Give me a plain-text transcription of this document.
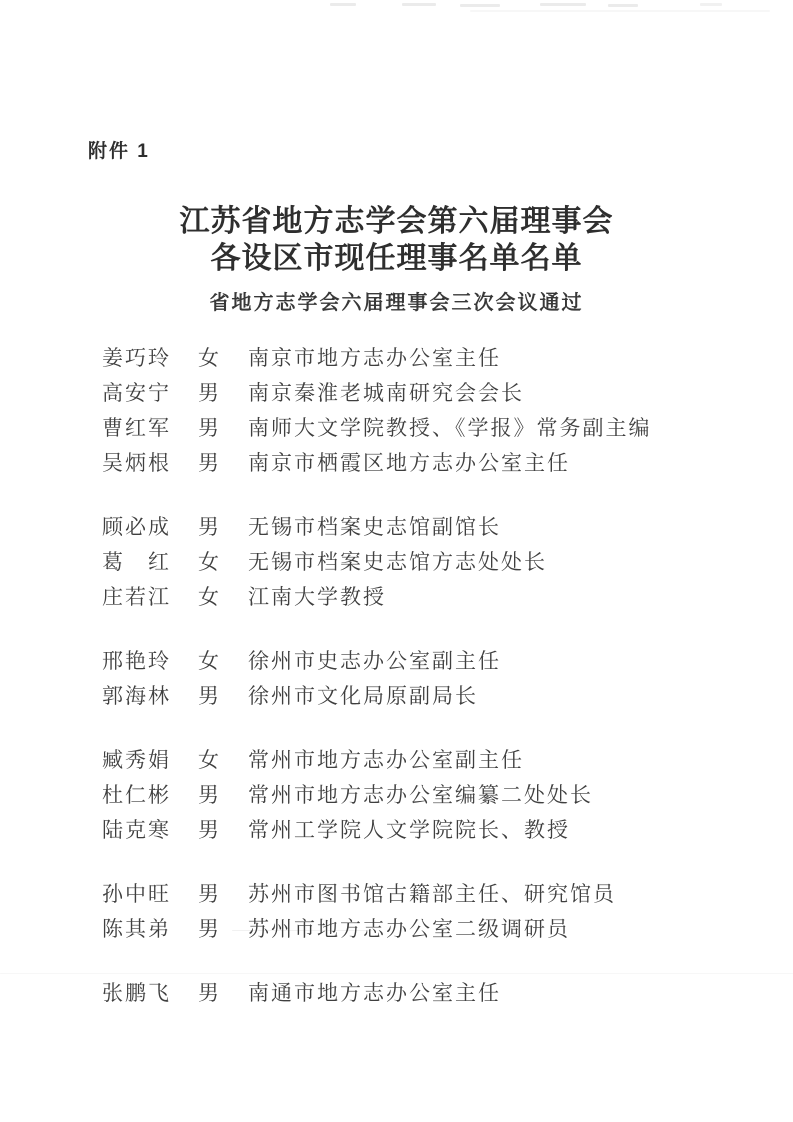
附件 1
江苏省地方志学会第六届理事会
各设区市现任理事名单名单
省地方志学会六届理事会三次会议通过
姜巧玲	女	南京市地方志办公室主任
高安宁	男	南京秦淮老城南研究会会长
曹红军	男	南师大文学院教授、《学报》常务副主编
吴炳根	男	南京市栖霞区地方志办公室主任
顾必成	男	无锡市档案史志馆副馆长
葛　红	女	无锡市档案史志馆方志处处长
庄若江	女	江南大学教授
邢艳玲	女	徐州市史志办公室副主任
郭海林	男	徐州市文化局原副局长
臧秀娟	女	常州市地方志办公室副主任
杜仁彬	男	常州市地方志办公室编纂二处处长
陆克寒	男	常州工学院人文学院院长、教授
孙中旺	男	苏州市图书馆古籍部主任、研究馆员
陈其弟	男	苏州市地方志办公室二级调研员
张鹏飞	男	南通市地方志办公室主任
